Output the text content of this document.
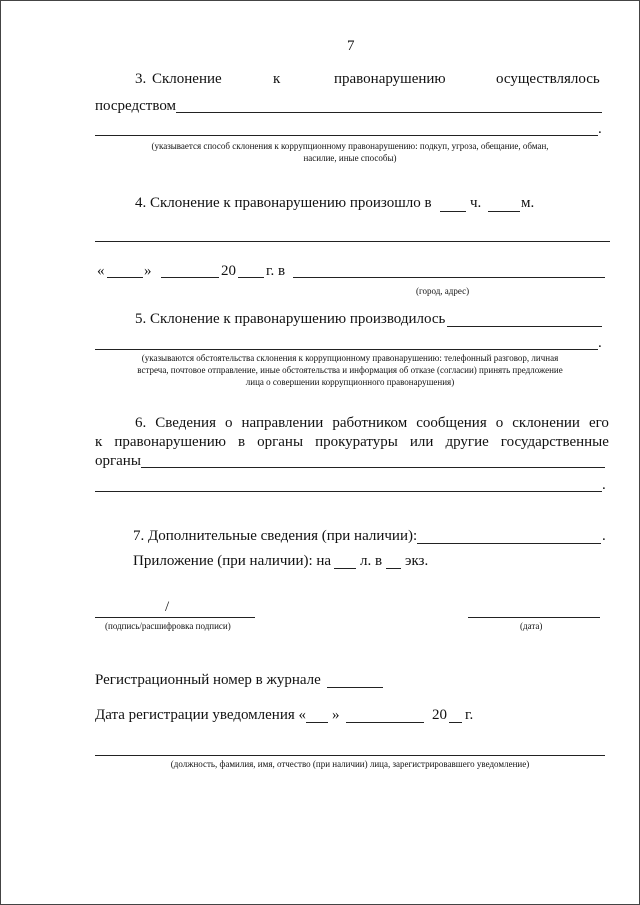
7
3. Склонение	к	правонарушению	осуществлялось
посредством
.
(указывается способ склонения к коррупционному правонарушению: подкуп, угроза, обещание, обман,
насилие, иные способы)
4. Склонение к правонарушению произошло в	ч.	м.
«	»	20 г. в
(город, адрес)
5. Склонение к правонарушению производилось
.
(указываются обстоятельства склонения к коррупционному правонарушению: телефонный разговор, личная
встреча, почтовое отправление, иные обстоятельства и информация об отказе (согласии) принять предложение
лица о совершении коррупционного правонарушения)
6. Сведения о направлении работником сообщения о склонении его
к правонарушению в органы прокуратуры или другие государственные
органы
.
7. Дополнительные сведения (при наличии):	.
Приложение (при наличии): на л. в экз.
/
(подпись/расшифровка подписи)	(дата)
Регистрационный номер в журнале
Дата регистрации уведомления « »	20 г.
(должность, фамилия, имя, отчество (при наличии) лица, зарегистрировавшего уведомление)
